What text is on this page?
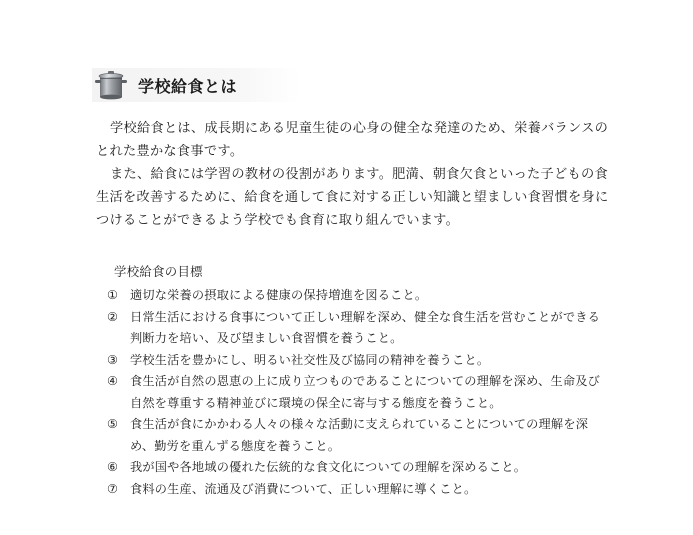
学校給食とは

学校給食とは、成長期にある児童生徒の心身の健全な発達のため、栄養バランスのとれた豊かな食事です。

また、給食には学習の教材の役割があります。肥満、朝食欠食といった子どもの食生活を改善するために、給食を通して食に対する正しい知識と望ましい食習慣を身につけることができるよう学校でも食育に取り組んでいます。

学校給食の目標
① 適切な栄養の摂取による健康の保持増進を図ること。
② 日常生活における食事について正しい理解を深め、健全な食生活を営むことができる判断力を培い、及び望ましい食習慣を養うこと。
③ 学校生活を豊かにし、明るい社交性及び協同の精神を養うこと。
④ 食生活が自然の恩恵の上に成り立つものであることについての理解を深め、生命及び自然を尊重する精神並びに環境の保全に寄与する態度を養うこと。
⑤ 食生活が食にかかわる人々の様々な活動に支えられていることについての理解を深め、勤労を重んずる態度を養うこと。
⑥ 我が国や各地域の優れた伝統的な食文化についての理解を深めること。
⑦ 食料の生産、流通及び消費について、正しい理解に導くこと。
